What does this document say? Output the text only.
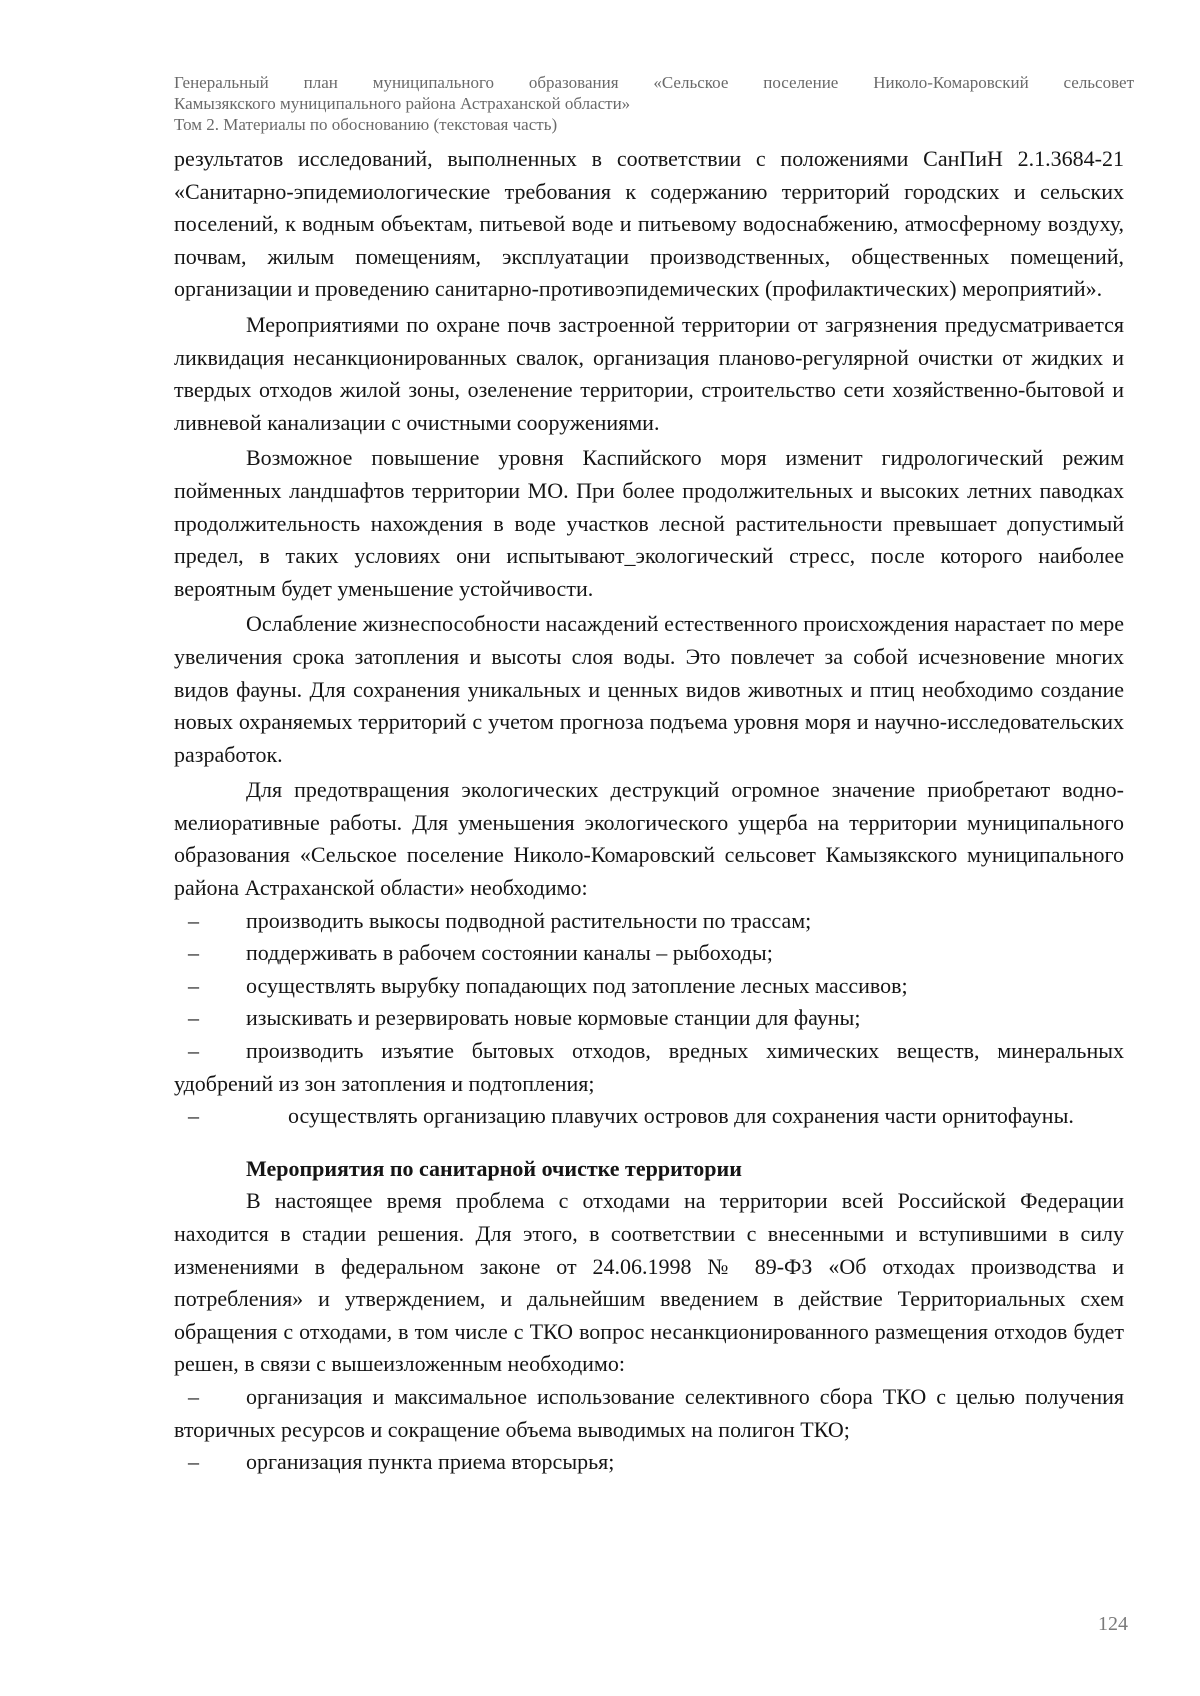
Генеральный план муниципального образования «Сельское поселение Николо-Комаровский сельсовет
Камызякского муниципального района Астраханской области»
Том 2. Материалы по обоснованию (текстовая часть)

результатов исследований, выполненных в соответствии с положениями СанПиН 2.1.3684-21 «Санитарно-эпидемиологические требования к содержанию территорий городских и сельских поселений, к водным объектам, питьевой воде и питьевому водоснабжению, атмосферному воздуху, почвам, жилым помещениям, эксплуатации производственных, общественных помещений, организации и проведению санитарно-противоэпидемических (профилактических) мероприятий».

Мероприятиями по охране почв застроенной территории от загрязнения предусматривается ликвидация несанкционированных свалок, организация планово-регулярной очистки от жидких и твердых отходов жилой зоны, озеленение территории, строительство сети хозяйственно-бытовой и ливневой канализации с очистными сооружениями.

Возможное повышение уровня Каспийского моря изменит гидрологический режим пойменных ландшафтов территории МО. При более продолжительных и высоких летних паводках продолжительность нахождения в воде участков лесной растительности превышает допустимый предел, в таких условиях они испытывают_экологический стресс, после которого наиболее вероятным будет уменьшение устойчивости.

Ослабление жизнеспособности насаждений естественного происхождения нарастает по мере увеличения срока затопления и высоты слоя воды. Это повлечет за собой исчезновение многих видов фауны. Для сохранения уникальных и ценных видов животных и птиц необходимо создание новых охраняемых территорий с учетом прогноза подъема уровня моря и научно-исследовательских разработок.

Для предотвращения экологических деструкций огромное значение приобретают водно-мелиоративные работы. Для уменьшения экологического ущерба на территории муниципального образования «Сельское поселение Николо-Комаровский сельсовет Камызякского муниципального района Астраханской области» необходимо:

– производить выкосы подводной растительности по трассам;

– поддерживать в рабочем состоянии каналы – рыбоходы;

– осуществлять вырубку попадающих под затопление лесных массивов;

– изыскивать и резервировать новые кормовые станции для фауны;

– производить изъятие бытовых отходов, вредных химических веществ, минеральных удобрений из зон затопления и подтопления;

–	осуществлять организацию плавучих островов для сохранения части орнитофауны.

Мероприятия по санитарной очистке территории

В настоящее время проблема с отходами на территории всей Российской Федерации находится в стадии решения. Для этого, в соответствии с внесенными и вступившими в силу изменениями в федеральном законе от 24.06.1998 № 89-ФЗ «Об отходах производства и потребления» и утверждением, и дальнейшим введением в действие Территориальных схем обращения с отходами, в том числе с ТКО вопрос несанкционированного размещения отходов будет решен, в связи с вышеизложенным необходимо:

– организация и максимальное использование селективного сбора ТКО с целью получения вторичных ресурсов и сокращение объема выводимых на полигон ТКО;

– организация пункта приема вторсырья;

124
